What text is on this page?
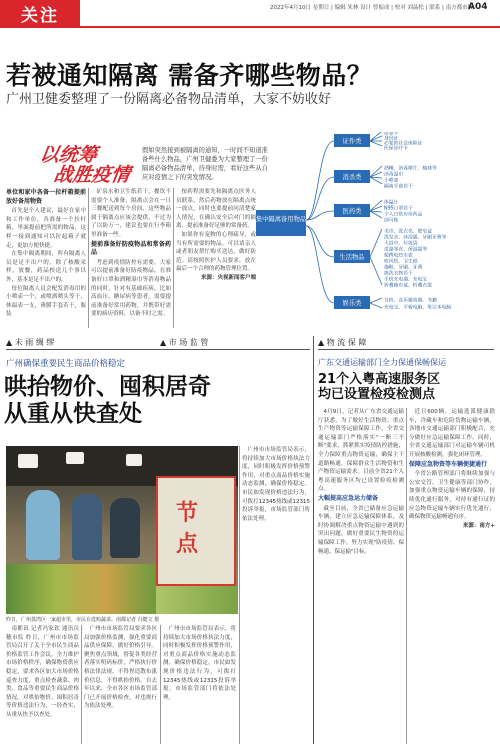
关注	2022年4月10日 星期日 | 编辑 朱林 设计 曾振成 | 校对 刘晶松 | 联系 | 南方都市报
A04
若被通知隔离 需备齐哪些物品？
广州卫健委整理了一份隔离必备物品清单，大家不妨收好
以统筹
战胜疫情
假如突然接到被隔离的通知，一时间不知道准备些什么物品，广州卫健委为大家整理了一份隔离必备物品清单，待身时需，看好这些从自应对疫情之下的突发情况。
单位和家中各备一拉杆箱提前放好备用物资

首先是个人建议，最好在家中和工作单位，各准备一个拉杆箱，里面提前把所需的物品，这样一接到通知可以拉起箱子就走，更加方便快捷。

在集中隔离期间，所有隔离人员是足不出户的，除了核酸采样，放餐，药品校送几个事以外，基本是足不出户的。

每位隔离人员会配发消毒用的小喷壶一个，或喷洒喷头等于，体温表一支，薄膜手套若干，瓶装

矿泉水和卫生纸若干，餐饮不需要个人准备，隔离点会在一日三餐配送到每个房间，这些物品属于隔离点应该会提供，不过为了以防万一，建议也要在行李箱里准备一些。

提前准备好防疫物品和常备药品

考虑到疫情防控有需要，大家可以提前准备好防疫物品，在准备好口罩和酒精湿巾等消毒物品的同时，针对有基础疾病，比如高血压、糖尿病等患者，需要提前准备好常用药物，并携带好需要的病历资料，以备不时之需。

按药程需要先和隔离点医务人员联系，然后药物放在隔离点统一放点，同时也要提前问清楚家人情况，在确认安全后对门的隔离，提前准备好足够的常备药。

如果你有宠物的心理疏导，或当有所需要的物品，可以请亲人或者朋友帮忙购买送达，做好防范。请按照医护人员要求，放在最后一个合理的药物管理位置。

来源：央视新闻客户端
集中隔离备用物品
证件类
消杀类
医药类
生活物品
娱乐类
居委卡
身份证
必要的社会保险证
医保诊疗卡
酒精、消毒喷片、棉球等
消毒湿巾
小喷壶
隔离手套若干
体温计
N95口罩若干
个人日常应用药品
创可贴
毛巾、洗衣皂、肥皂盒
洗发水、沐浴露、牙刷牙膏等
大浴巾、垃圾袋
适量零食、保湿霜等
便携电热水壶
吹风机、卫生纸
拖鞋、牙刷、牙膏
换洗衣物若干
手机充电器、充电宝
折叠拖布盆、折叠衣架
耳机、音乐播放器、书籍
充电宝、平板电脑、笔记本电脑
▲ 未 雨 绸 缪	▲ 市 场 监 管	▲ 物 流 保 障
广州确保重要民生商品价格稳定
哄抬物价、囤积居奇
从重从快查处
节
点
昨日，广州荔湾区一家超市里，市民在选购蔬菜。南都记者 冯健文 摄

南都讯 记者冯家钦 通讯员 穗市监 昨日，广州市市场监管局召开了关于全市民生商品价格监管工作会议，全力维护市场价格秩序，确保物资供应稳定，要求各区加大市场价格巡查力度，重点检查蔬菜、肉类、食品等重要民生商品价格情况。对哄抬物价、囤积居奇等价格违法行为，一经查实，从重从快予以查处。

广州市市场监管局要求各区局加强价格监测，强化重要商品供应保障，做好价格引导。聚焦重点领域，督促各类经营者落实明码标价，严格执行价格法律法规，不得捏造散布涨价信息，不得哄抬价格。自去年以来，全市各区市场监管部门已开展价格检查，对违规行为依法处理。

广州市市场监管局表示，将持续加大市场价格执法力度，同时积极发挥价格预警作用，对重点商品价格实施动态监测，确保价格稳定。市民如发现价格违法行为，可拨打12345热线或12315投诉举报，市场监管部门将依法处理。

广州市市场监管局表示，将持续加大市场价格执法力度，同时积极发挥价格预警作用，对重点商品价格实施动态监测，确保价格稳定。市民如发现价格违法行为，可拨打12345热线或12315投诉举报，市场监管部门将依法处理。

广东交通运输部门全力保通保畅保运
21个入粤高速服务区
均已设置检疫检测点

4月9日，记者从广东省交通运输厅获悉，为了做好生活物资、重点生产物资等运输保障工作，全省交通运输部门严格落实"一断三不断"要求，抓紧抓实疫情防控措施，全力保障重点物资运输，确保主干道路畅通，保障群众生活物资和生产物资运输需求。目前全省21个入粤高速服务区均已设置检疫检测点。

大幅提高应急运力储备

截至目前，全省已储备应急运输车辆，建立应急运输保障体系，及时协调解决重点物资运输中遇到的突出问题，做好重要民生物资的运输保障工作，努力实现"防疫情、保畅通、保运输"目标。

近日600辆，运输选派健康除车，冷藏车和危险货物运输车辆，各地市交通运输部门积极配合，充分做好应急运输保障工作。同时，全省交通运输部门对运输车辆司机开展核酸检测，强化闭环管理。

保障应急物资等车辆便捷通行

全省公路管理部门将继续加强与公安交管、卫生健康等部门协作，加强重点物资运输车辆的保障，持续优化通行服务，对持有通行证的应急物资运输车辆实行优先通行，确保物资运输畅通有序。

来源：南方+
